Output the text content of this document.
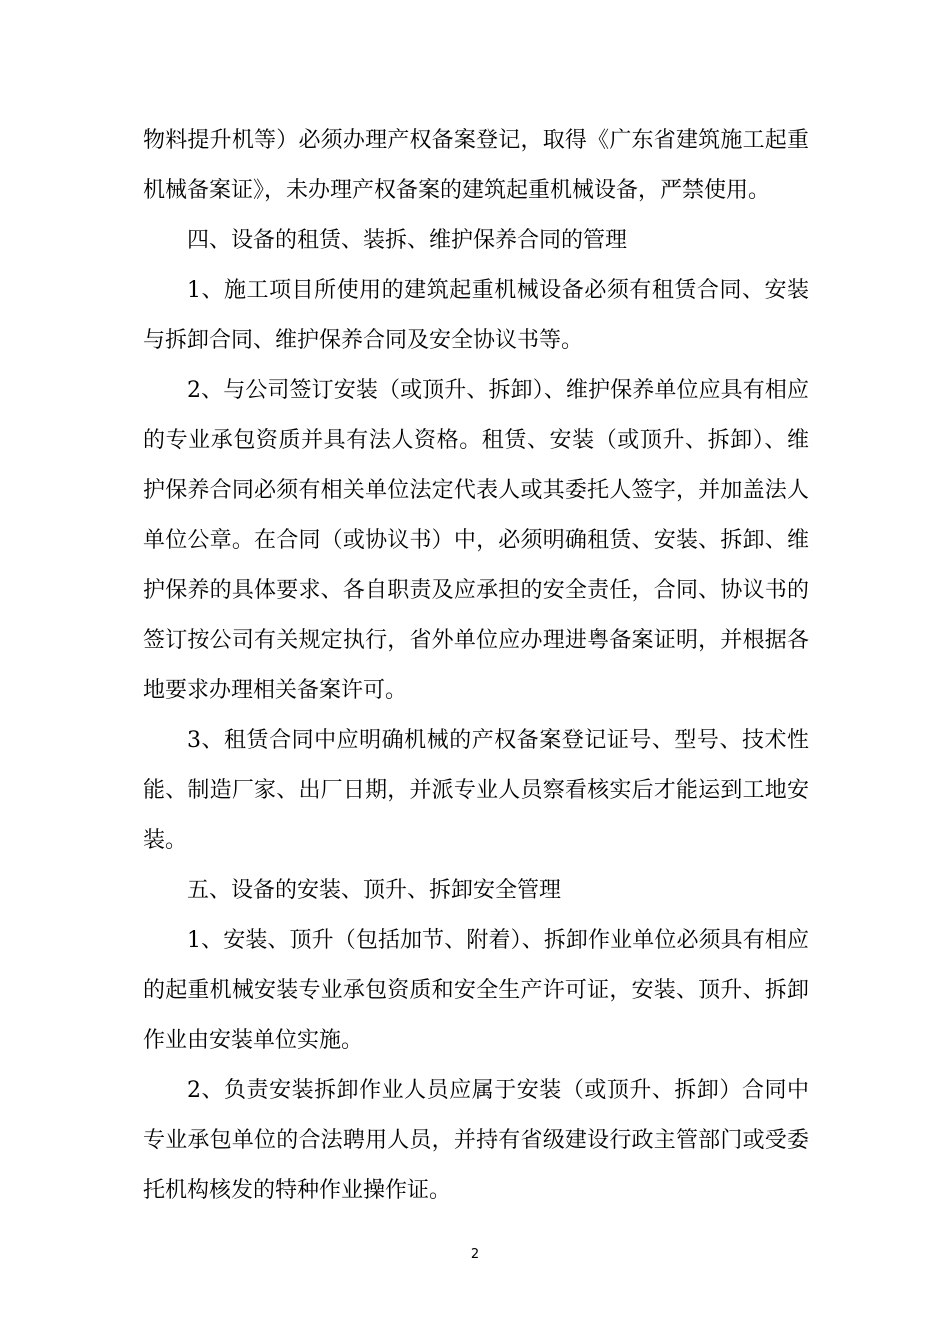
物料提升机等）必须办理产权备案登记，取得《广东省建筑施工起重
机械备案证》，未办理产权备案的建筑起重机械设备，严禁使用。
四、设备的租赁、装拆、维护保养合同的管理
1、施工项目所使用的建筑起重机械设备必须有租赁合同、安装
与拆卸合同、维护保养合同及安全协议书等。
2、与公司签订安装（或顶升、拆卸）、维护保养单位应具有相应
的专业承包资质并具有法人资格。租赁、安装（或顶升、拆卸）、维
护保养合同必须有相关单位法定代表人或其委托人签字，并加盖法人
单位公章。在合同（或协议书）中，必须明确租赁、安装、拆卸、维
护保养的具体要求、各自职责及应承担的安全责任，合同、协议书的
签订按公司有关规定执行，省外单位应办理进粤备案证明，并根据各
地要求办理相关备案许可。
3、租赁合同中应明确机械的产权备案登记证号、型号、技术性
能、制造厂家、出厂日期，并派专业人员察看核实后才能运到工地安
装。
五、设备的安装、顶升、拆卸安全管理
1、安装、顶升（包括加节、附着）、拆卸作业单位必须具有相应
的起重机械安装专业承包资质和安全生产许可证，安装、顶升、拆卸
作业由安装单位实施。
2、负责安装拆卸作业人员应属于安装（或顶升、拆卸）合同中
专业承包单位的合法聘用人员，并持有省级建设行政主管部门或受委
托机构核发的特种作业操作证。
2
